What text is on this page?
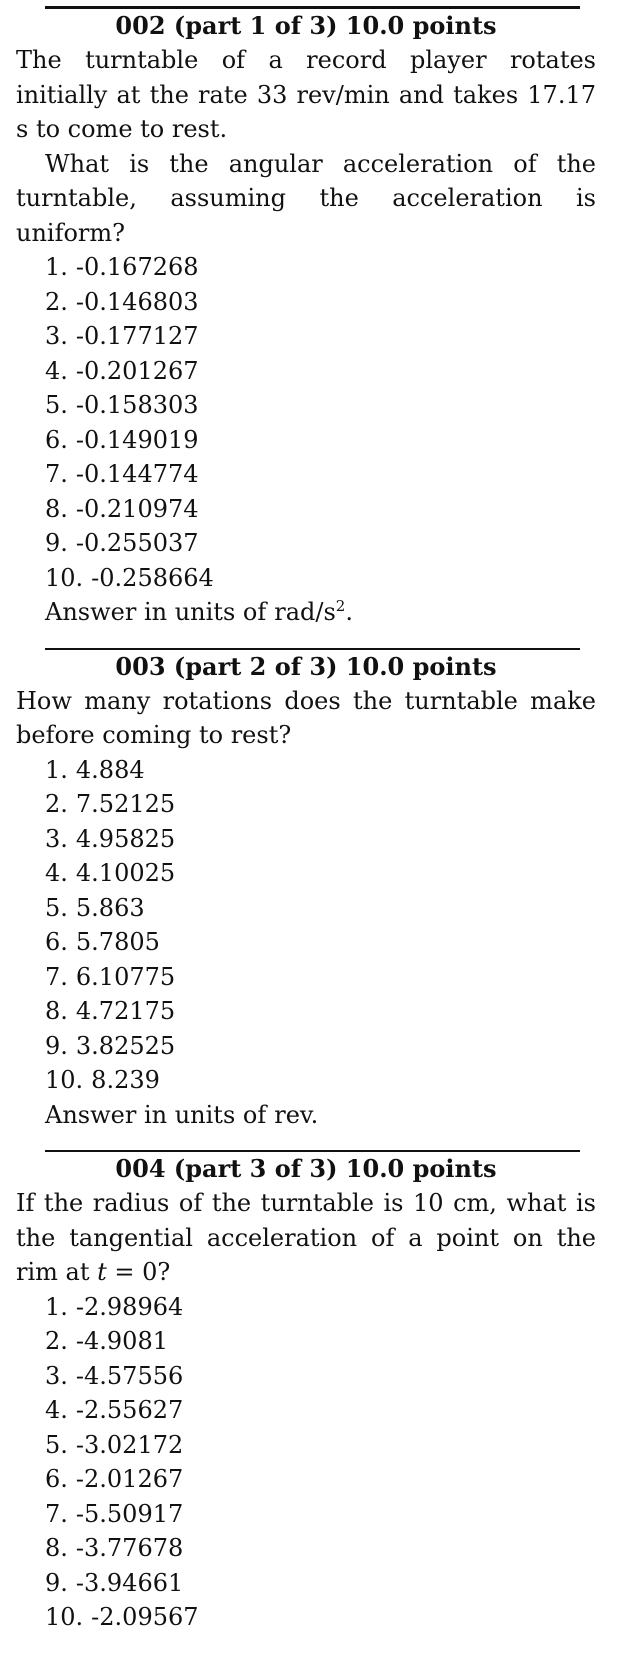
002 (part 1 of 3) 10.0 points

The turntable of a record player rotates initially at the rate 33 rev/min and takes 17.17 s to come to rest.

What is the angular acceleration of the turntable, assuming the acceleration is uniform?

1. -0.167268
2. -0.146803
3. -0.177127
4. -0.201267
5. -0.158303
6. -0.149019
7. -0.144774
8. -0.210974
9. -0.255037
10. -0.258664
Answer in units of rad/$s^2$.
003 (part 2 of 3) 10.0 points

How many rotations does the turntable make before coming to rest?

1. 4.884
2. 7.52125
3. 4.95825
4. 4.10025
5. 5.863
6. 5.7805
7. 6.10775
8. 4.72175
9. 3.82525
10. 8.239
Answer in units of rev.
004 (part 3 of 3) 10.0 points

If the radius of the turntable is 10 cm, what is the tangential acceleration of a point on the rim at t = 0?

1. -2.98964
2. -4.9081
3. -4.57556
4. -2.55627
5. -3.02172
6. -2.01267
7. -5.50917
8. -3.77678
9. -3.94661
10. -2.09567
